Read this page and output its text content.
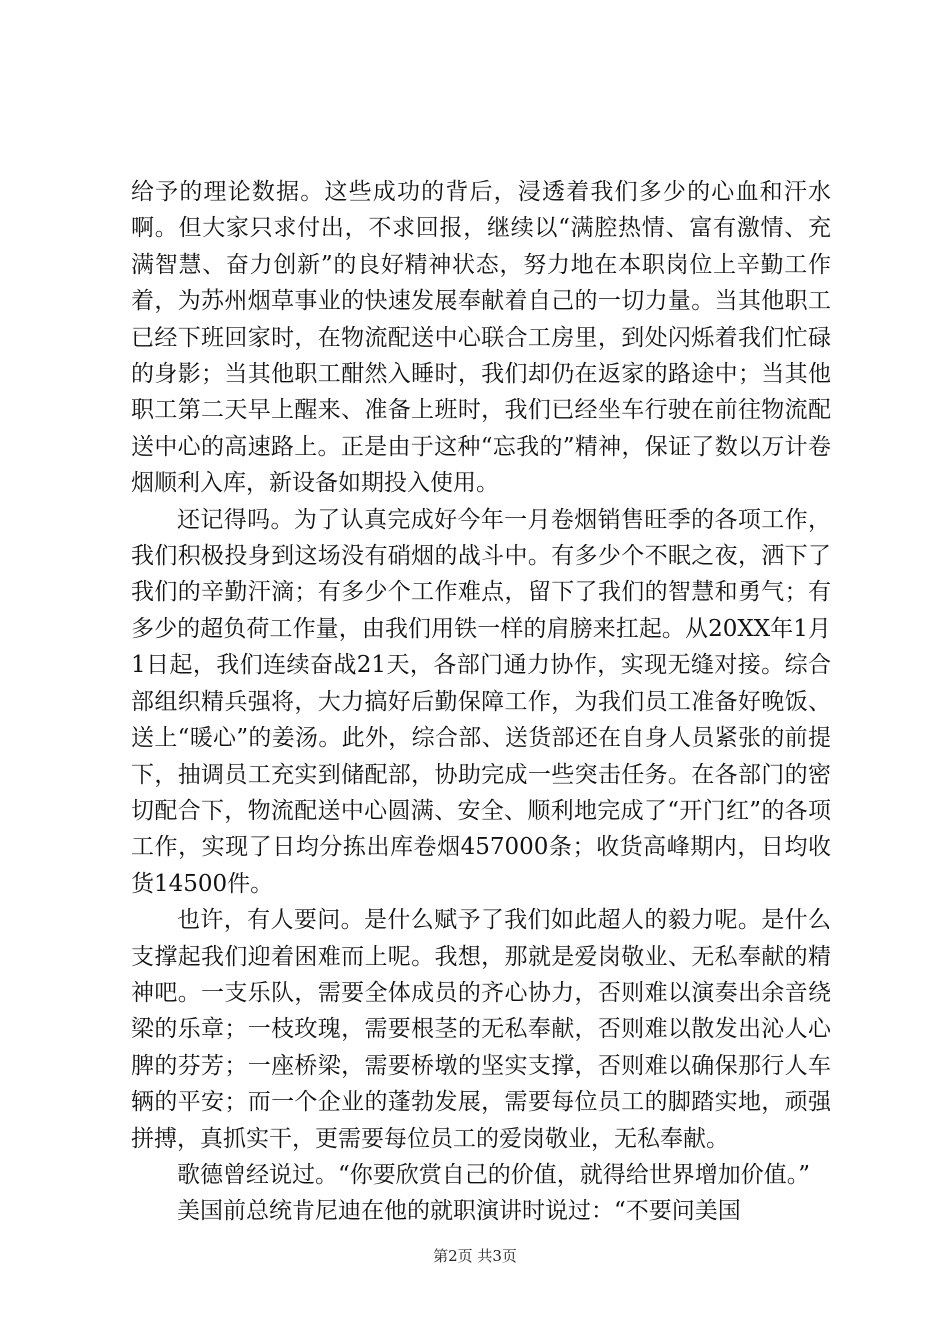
给予的理论数据。这些成功的背后，浸透着我们多少的心血和汗水啊。但大家只求付出，不求回报，继续以“满腔热情、富有激情、充满智慧、奋力创新”的良好精神状态，努力地在本职岗位上辛勤工作着，为苏州烟草事业的快速发展奉献着自己的一切力量。当其他职工已经下班回家时，在物流配送中心联合工房里，到处闪烁着我们忙碌的身影；当其他职工酣然入睡时，我们却仍在返家的路途中；当其他职工第二天早上醒来、准备上班时，我们已经坐车行驶在前往物流配送中心的高速路上。正是由于这种“忘我的”精神，保证了数以万计卷烟顺利入库，新设备如期投入使用。

还记得吗。为了认真完成好今年一月卷烟销售旺季的各项工作，我们积极投身到这场没有硝烟的战斗中。有多少个不眠之夜，洒下了我们的辛勤汗滴；有多少个工作难点，留下了我们的智慧和勇气；有多少的超负荷工作量，由我们用铁一样的肩膀来扛起。从20XX年1月1日起，我们连续奋战21天，各部门通力协作，实现无缝对接。综合部组织精兵强将，大力搞好后勤保障工作，为我们员工准备好晚饭、送上“暖心”的姜汤。此外，综合部、送货部还在自身人员紧张的前提下，抽调员工充实到储配部，协助完成一些突击任务。在各部门的密切配合下，物流配送中心圆满、安全、顺利地完成了“开门红”的各项工作，实现了日均分拣出库卷烟457000条；收货高峰期内，日均收货14500件。

也许，有人要问。是什么赋予了我们如此超人的毅力呢。是什么支撑起我们迎着困难而上呢。我想，那就是爱岗敬业、无私奉献的精神吧。一支乐队，需要全体成员的齐心协力，否则难以演奏出余音绕梁的乐章；一枝玫瑰，需要根茎的无私奉献，否则难以散发出沁人心脾的芬芳；一座桥梁，需要桥墩的坚实支撑，否则难以确保那行人车辆的平安；而一个企业的蓬勃发展，需要每位员工的脚踏实地，顽强拼搏，真抓实干，更需要每位员工的爱岗敬业，无私奉献。

歌德曾经说过。“你要欣赏自己的价值，就得给世界增加价值。”

美国前总统肯尼迪在他的就职演讲时说过：“不要问美国

第2页 共3页
